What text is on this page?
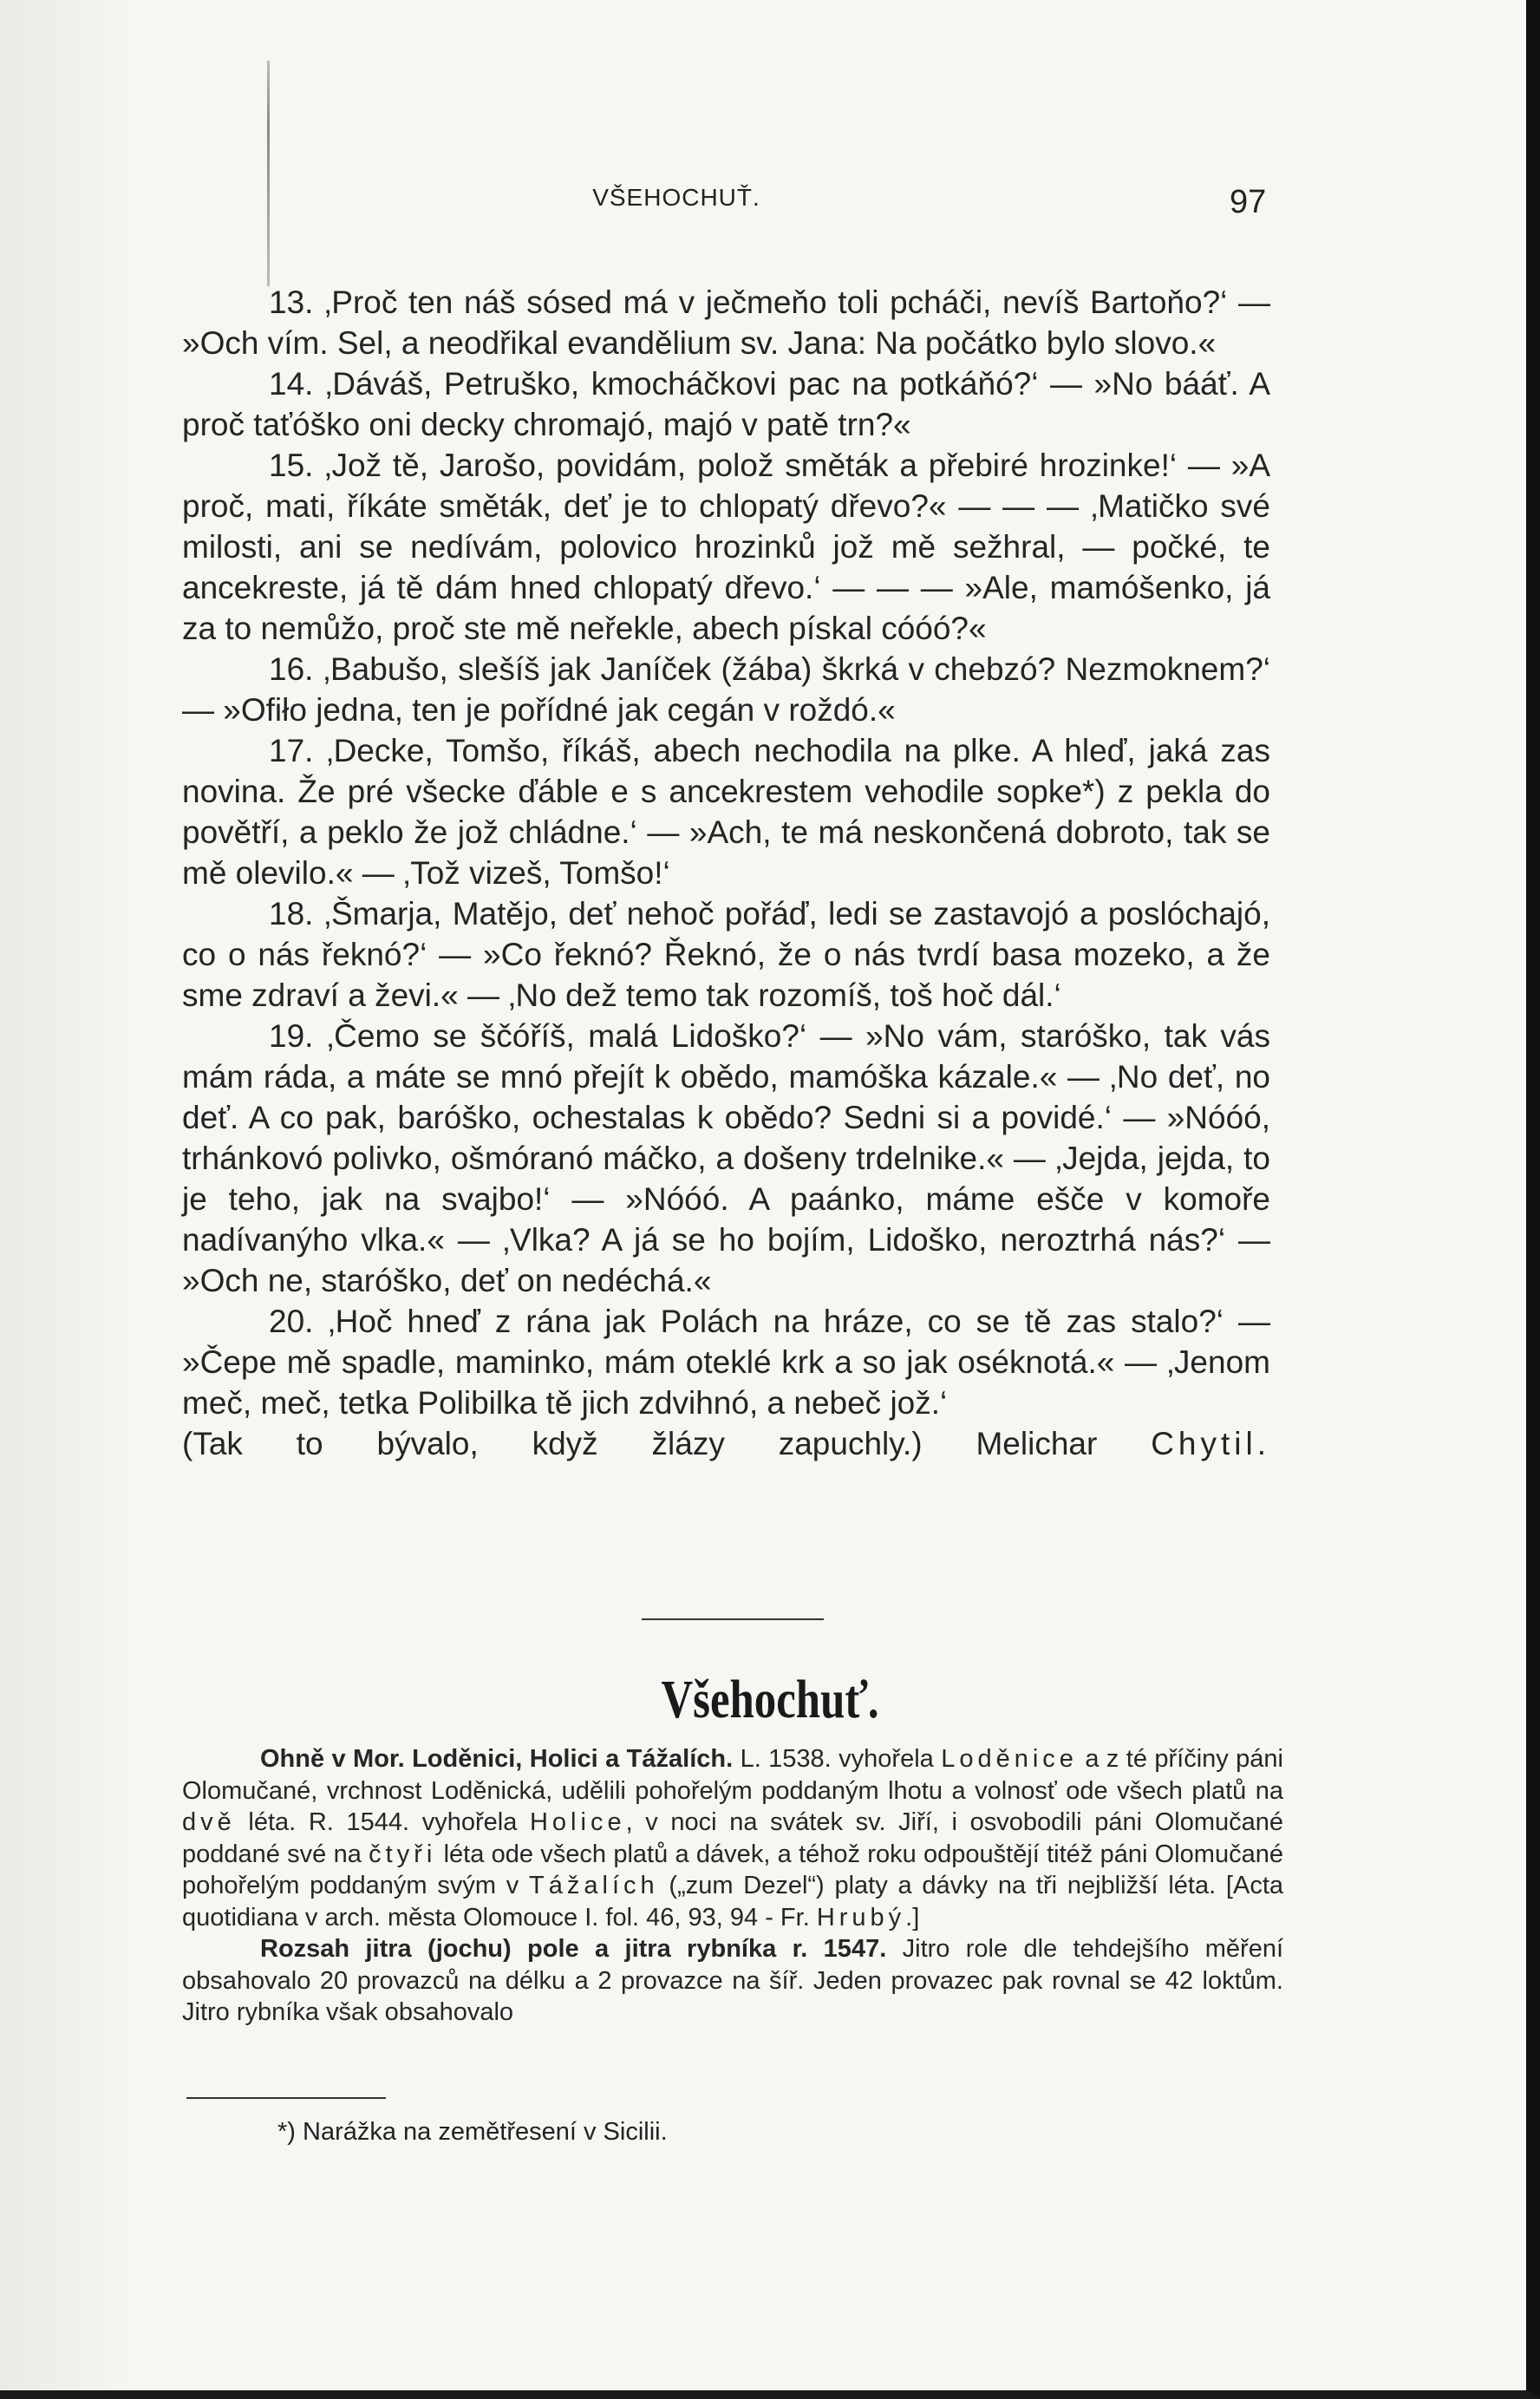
VŠEHOCHUŤ.	97

13. ‚Proč ten náš sósed má v ječmeňo toli pcháči, nevíš Bartoňo?‘ — »Och vím. Sel, a neodřikal evandělium sv. Jana: Na počátko bylo slovo.«

14. ‚Dáváš, Petruško, kmocháčkovi pac na potkáňó?‘ — »No bááť. A proč taťóško oni decky chromajó, majó v patě trn?«

15. ‚Jož tě, Jarošo, povidám, polož směták a přebiré hrozinke!‘ — »A proč, mati, říkáte směták, deť je to chlopatý dřevo?« — — — ‚Matičko své milosti, ani se nedívám, polovico hrozinků jož mě sežhral, — počké, te ancekreste, já tě dám hned chlopatý dřevo.‘ — — — »Ale, mamóšenko, já za to nemůžo, proč ste mě neřekle, abech pískal cóóó?«

16. ‚Babušo, slešíš jak Janíček (žába) škrká v chebzó? Nezmoknem?‘ — »Ofiło jedna, ten je pořídné jak cegán v roždó.«

17. ‚Decke, Tomšo, říkáš, abech nechodila na plke. A hleď, jaká zas novina. Že pré všecke ďáble e s ancekrestem vehodile sopke*) z pekla do povětří, a peklo že jož chládne.‘ — »Ach, te má neskončená dobroto, tak se mě olevilo.« — ‚Tož vizeš, Tomšo!‘

18. ‚Šmarja, Matějo, deť nehoč pořáď, ledi se zastavojó a poslóchajó, co o nás řeknó?‘ — »Co řeknó? Řeknó, že o nás tvrdí basa mozeko, a že sme zdraví a ževi.« — ‚No dež temo tak rozomíš, toš hoč dál.‘

19. ‚Čemo se ščóříš, malá Lidoško?‘ — »No vám, staróško, tak vás mám ráda, a máte se mnó přejít k obědo, mamóška kázale.« — ‚No deť, no deť. A co pak, baróško, ochestalas k obědo? Sedni si a povidé.‘ — »Nóóó, trhánkovó polivko, ošmóranó máčko, a došeny trdelnike.« — ‚Jejda, jejda, to je teho, jak na svajbo!‘ — »Nóóó. A paánko, máme ešče v komoře nadívanýho vlka.« — ‚Vlka? A já se ho bojím, Lidoško, neroztrhá nás?‘ — »Och ne, staróško, deť on nedéchá.«

20. ‚Hoč hneď z rána jak Polách na hráze, co se tě zas stalo?‘ — »Čepe mě spadle, maminko, mám oteklé krk a so jak oséknotá.« — ‚Jenom meč, meč, tetka Polibilka tě jich zdvihnó, a nebeč jož.‘

(Tak to bývalo, když žlázy zapuchly.) Melichar Chytil.

Všehochuť.

Ohně v Mor. Loděnici, Holici a Tážalích. L. 1538. vyhořela Loděnice a z té příčiny páni Olomučané, vrchnost Loděnická, udělili pohořelým poddaným lhotu a volnosť ode všech platů na dvě léta. R. 1544. vyhořela Holice, v noci na svátek sv. Jiří, i osvobodili páni Olomučané poddané své na čtyři léta ode všech platů a dávek, a téhož roku odpouštějí titéž páni Olomučané pohořelým poddaným svým v Tážalích („zum Dezel“) platy a dávky na tři nejbližší léta. [Acta quotidiana v arch. města Olomouce I. fol. 46, 93, 94 - Fr. Hrubý.]

Rozsah jitra (jochu) pole a jitra rybníka r. 1547. Jitro role dle tehdejšího měření obsahovalo 20 provazců na délku a 2 provazce na šíř. Jeden provazec pak rovnal se 42 loktům. Jitro rybníka však obsahovalo

*) Narážka na zemětřesení v Sicilii.
